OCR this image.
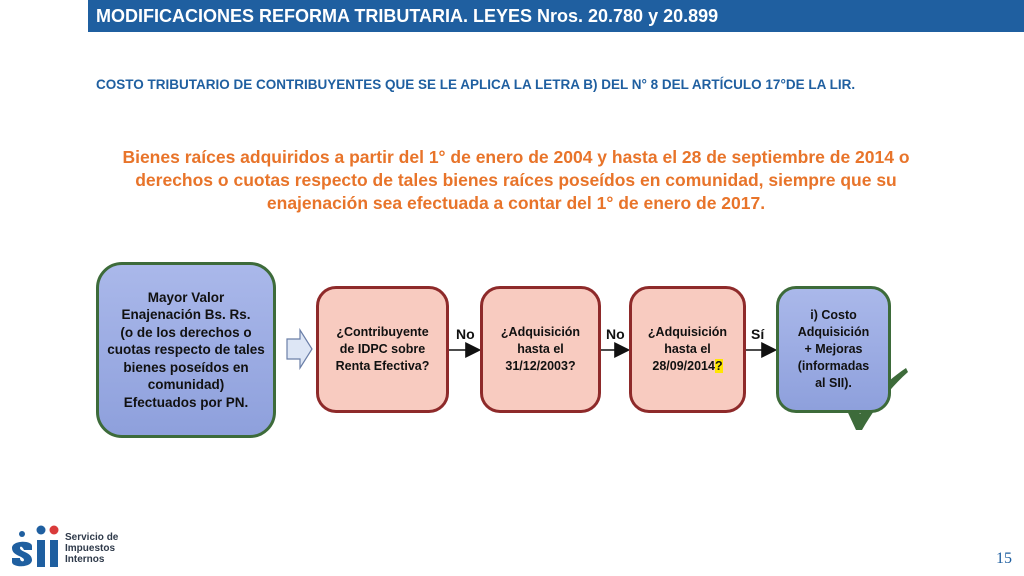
MODIFICACIONES REFORMA TRIBUTARIA. LEYES Nros. 20.780 y 20.899
COSTO TRIBUTARIO DE CONTRIBUYENTES QUE SE LE APLICA LA LETRA B) DEL N° 8 DEL ARTÍCULO 17°DE LA LIR.
Bienes raíces adquiridos a partir del 1° de enero de 2004 y hasta el 28 de septiembre de 2014 o derechos o cuotas respecto de tales bienes raíces poseídos en comunidad, siempre que su enajenación sea efectuada a contar del 1° de enero de 2017.
Mayor Valor
Enajenación Bs. Rs.
(o de los derechos o cuotas respecto de tales bienes poseídos en comunidad)
Efectuados por PN.
¿Contribuyente
de IDPC sobre
Renta Efectiva?
No ¿Adquisición
hasta el
31/12/2003?
No ¿Adquisición
hasta el
28/09/2014?
Sí
i) Costo
Adquisición
+ Mejoras
(informadas
al SII).
Servicio de
Impuestos
Internos	15
